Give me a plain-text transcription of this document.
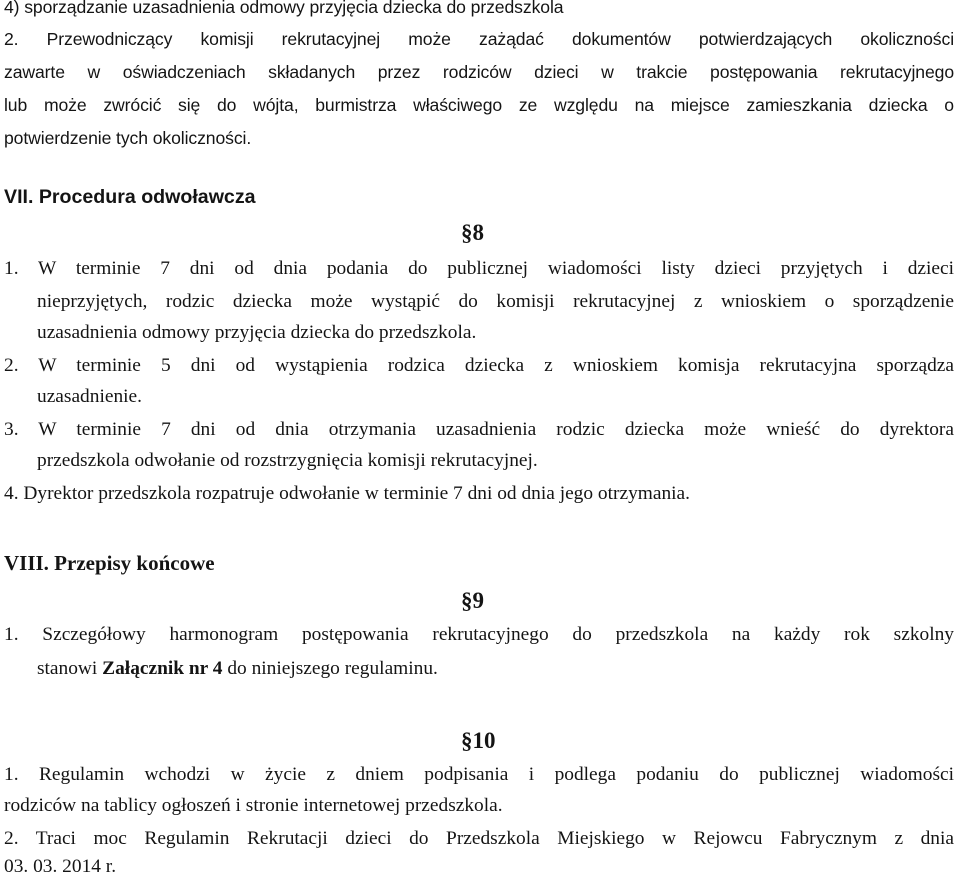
4) sporządzanie uzasadnienia odmowy przyjęcia dziecka do przedszkola
2. Przewodniczący komisji rekrutacyjnej może zażądać dokumentów potwierdzających okoliczności
zawarte w oświadczeniach składanych przez rodziców dzieci w trakcie postępowania rekrutacyjnego
lub może zwrócić się do wójta, burmistrza właściwego ze względu na miejsce zamieszkania dziecka o
potwierdzenie tych okoliczności.
VII. Procedura odwoławcza
§8
1. W terminie 7 dni od dnia podania do publicznej wiadomości listy dzieci przyjętych i dzieci
nieprzyjętych, rodzic dziecka może wystąpić do komisji rekrutacyjnej z wnioskiem o sporządzenie
uzasadnienia odmowy przyjęcia dziecka do przedszkola.
2. W terminie 5 dni od wystąpienia rodzica dziecka z wnioskiem komisja rekrutacyjna sporządza
uzasadnienie.
3. W terminie 7 dni od dnia otrzymania uzasadnienia rodzic dziecka może wnieść do dyrektora
przedszkola odwołanie od rozstrzygnięcia komisji rekrutacyjnej.
4. Dyrektor przedszkola rozpatruje odwołanie w terminie 7 dni od dnia jego otrzymania.
VIII. Przepisy końcowe
§9
1. Szczegółowy harmonogram postępowania rekrutacyjnego do przedszkola na każdy rok szkolny
stanowi Załącznik nr 4 do niniejszego regulaminu.
§10
1. Regulamin wchodzi w życie z dniem podpisania i podlega podaniu do publicznej wiadomości
rodziców na tablicy ogłoszeń i stronie internetowej przedszkola.
2. Traci moc Regulamin Rekrutacji dzieci do Przedszkola Miejskiego w Rejowcu Fabrycznym z dnia
03. 03. 2014 r.
